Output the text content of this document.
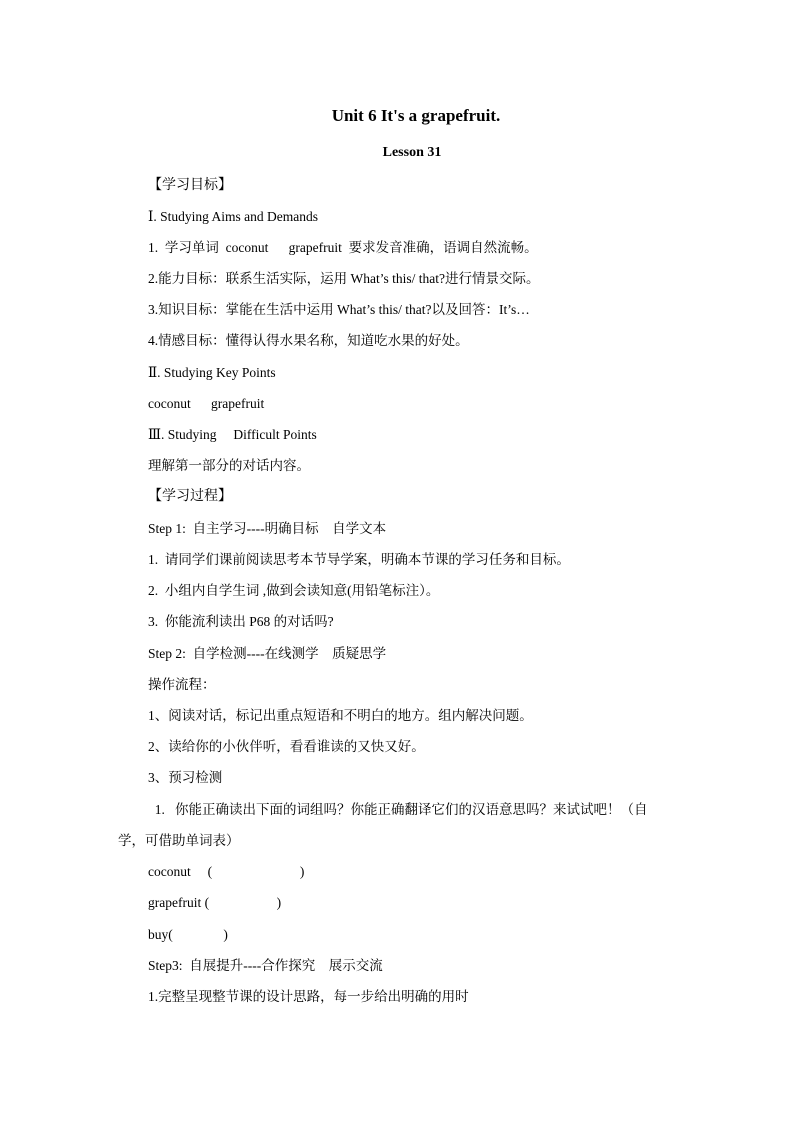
Unit 6 It's a grapefruit.
Lesson 31
【学习目标】
Ⅰ. Studying Aims and Demands
1.  学习单词  coconut      grapefruit  要求发音准确，语调自然流畅。
2.能力目标：联系生活实际，运用 What’s this/ that?进行情景交际。
3.知识目标：掌能在生活中运用 What’s this/ that?以及回答：It’s…
4.情感目标：懂得认得水果名称，知道吃水果的好处。
Ⅱ. Studying Key Points
coconut      grapefruit
Ⅲ. Studying     Difficult Points
理解第一部分的对话内容。
【学习过程】
Step 1:  自主学习----明确目标    自学文本
1.  请同学们课前阅读思考本节导学案，明确本节课的学习任务和目标。
2.  小组内自学生词 ,做到会读知意(用铅笔标注）。
3.  你能流利读出 P68 的对话吗?
Step 2:  自学检测----在线测学    质疑思学
操作流程：
1、阅读对话，标记出重点短语和不明白的地方。组内解决问题。
2、读给你的小伙伴听，看看谁读的又快又好。
3、预习检测
1.   你能正确读出下面的词组吗？你能正确翻译它们的汉语意思吗？来试试吧！（自
学，可借助单词表）
coconut     (                          )
grapefruit (                    )
buy(               )
Step3:  自展提升----合作探究    展示交流
1.完整呈现整节课的设计思路，每一步给出明确的用时
